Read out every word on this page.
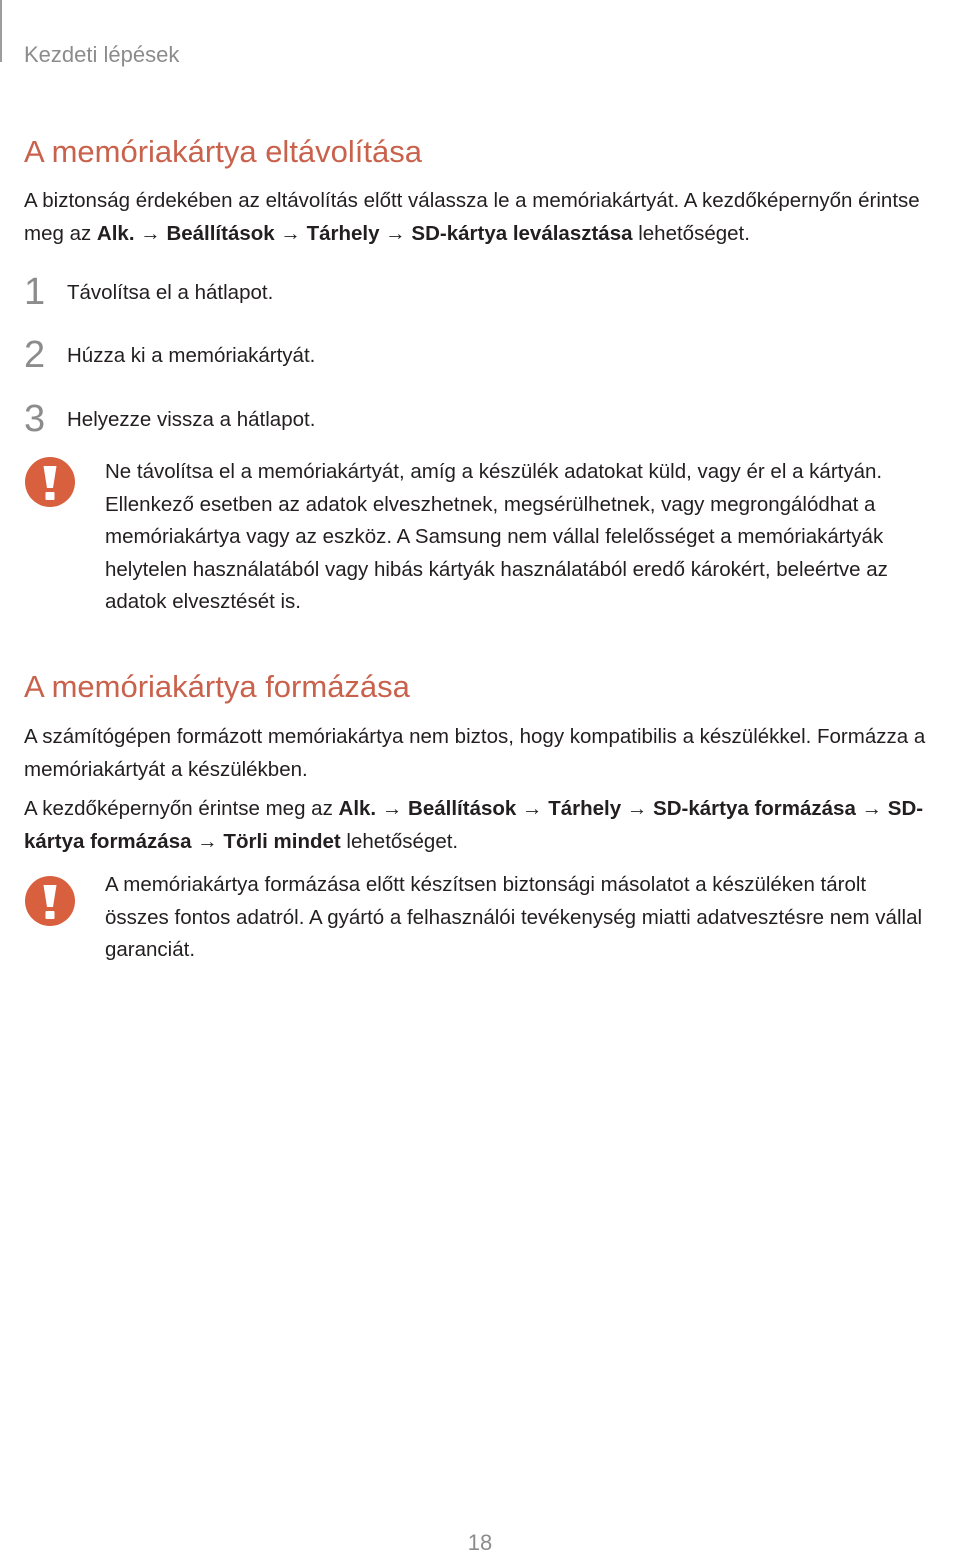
Kezdeti lépések
A memóriakártya eltávolítása
A biztonság érdekében az eltávolítás előtt válassza le a memóriakártyát. A kezdőképernyőn érintse meg az Alk. → Beállítások → Tárhely → SD-kártya leválasztása lehetőséget.
1	Távolítsa el a hátlapot.
2	Húzza ki a memóriakártyát.
3	Helyezze vissza a hátlapot.
Ne távolítsa el a memóriakártyát, amíg a készülék adatokat küld, vagy ér el a kártyán. Ellenkező esetben az adatok elveszhetnek, megsérülhetnek, vagy megrongálódhat a memóriakártya vagy az eszköz. A Samsung nem vállal felelősséget a memóriakártyák helytelen használatából vagy hibás kártyák használatából eredő károkért, beleértve az adatok elvesztését is.
A memóriakártya formázása
A számítógépen formázott memóriakártya nem biztos, hogy kompatibilis a készülékkel. Formázza a memóriakártyát a készülékben.
A kezdőképernyőn érintse meg az Alk. → Beállítások → Tárhely → SD-kártya formázása → SD-kártya formázása → Törli mindet lehetőséget.
A memóriakártya formázása előtt készítsen biztonsági másolatot a készüléken tárolt összes fontos adatról. A gyártó a felhasználói tevékenység miatti adatvesztésre nem vállal garanciát.
18
